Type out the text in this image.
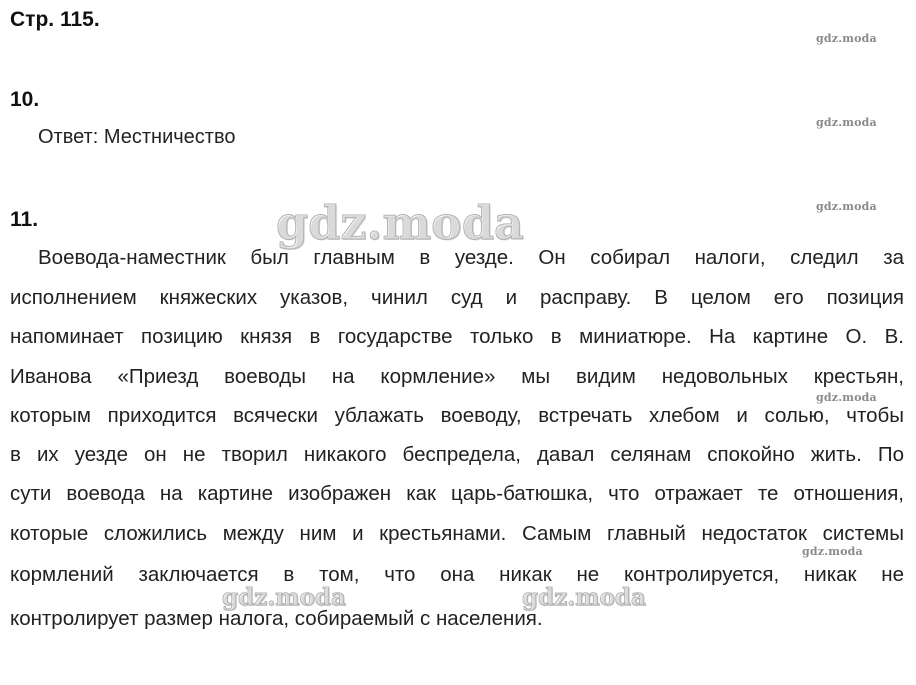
Стр. 115.
10.
Ответ: Местничество
11.
Воевода-наместник был главным в уезде. Он собирал налоги, следил за
исполнением княжеских указов, чинил суд и расправу. В целом его позиция
напоминает позицию князя в государстве только в миниатюре. На картине О. В.
Иванова «Приезд воеводы на кормление» мы видим недовольных крестьян,
которым приходится всячески ублажать воеводу, встречать хлебом и солью, чтобы
в их уезде он не творил никакого беспредела, давал селянам спокойно жить. По
сути воевода на картине изображен как царь-батюшка, что отражает те отношения,
которые сложились между ним и крестьянами. Самым главный недостаток системы
кормлений заключается в том, что она никак не контролируется, никак не
контролирует размер налога, собираемый с населения.
gdz.moda
gdz.moda
gdz.moda
gdz.moda
gdz.moda
gdz.moda
gdz.moda	gdz.moda
